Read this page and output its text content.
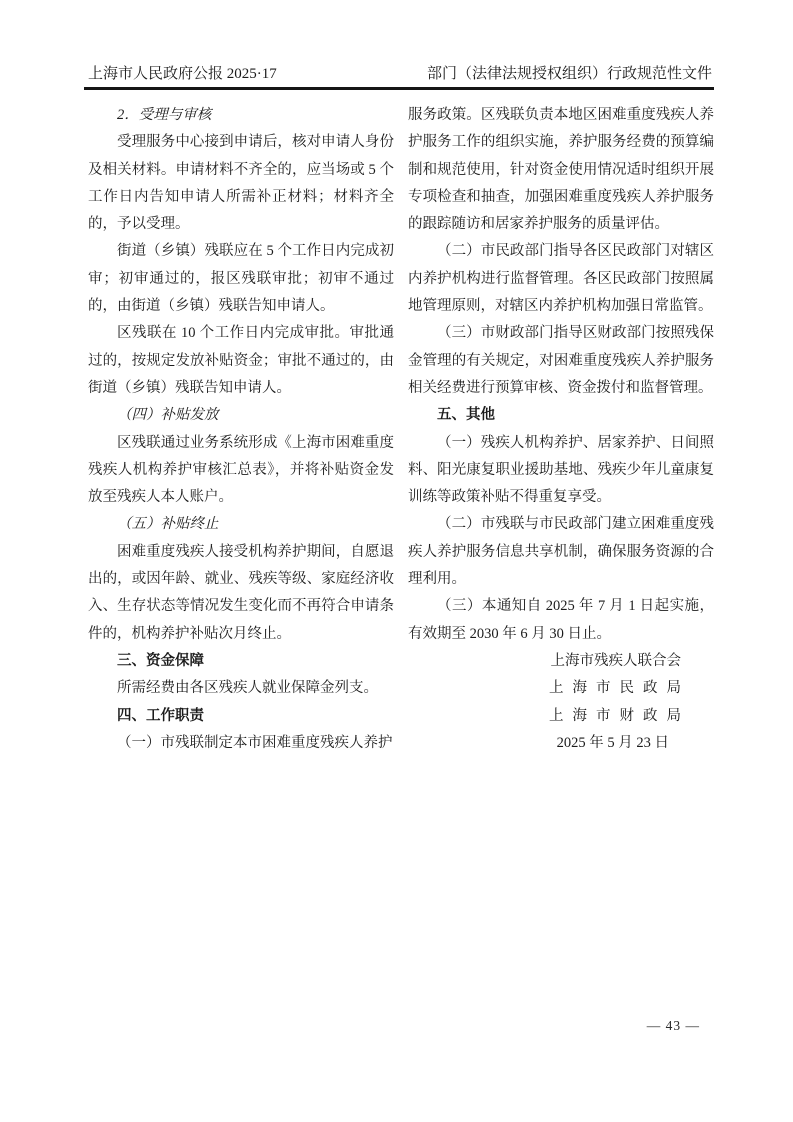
上海市人民政府公报 2025·17	部门（法律法规授权组织）行政规范性文件

2．受理与审核

受理服务中心接到申请后，核对申请人身份及相关材料。申请材料不齐全的，应当场或 5 个工作日内告知申请人所需补正材料；材料齐全的，予以受理。

街道（乡镇）残联应在 5 个工作日内完成初审；初审通过的，报区残联审批；初审不通过的，由街道（乡镇）残联告知申请人。

区残联在 10 个工作日内完成审批。审批通过的，按规定发放补贴资金；审批不通过的，由街道（乡镇）残联告知申请人。

（四）补贴发放

区残联通过业务系统形成《上海市困难重度残疾人机构养护审核汇总表》，并将补贴资金发放至残疾人本人账户。

（五）补贴终止

困难重度残疾人接受机构养护期间，自愿退出的，或因年龄、就业、残疾等级、家庭经济收入、生存状态等情况发生变化而不再符合申请条件的，机构养护补贴次月终止。

三、资金保障

所需经费由各区残疾人就业保障金列支。

四、工作职责

（一）市残联制定本市困难重度残疾人养护

服务政策。区残联负责本地区困难重度残疾人养护服务工作的组织实施，养护服务经费的预算编制和规范使用，针对资金使用情况适时组织开展专项检查和抽查，加强困难重度残疾人养护服务的跟踪随访和居家养护服务的质量评估。

（二）市民政部门指导各区民政部门对辖区内养护机构进行监督管理。各区民政部门按照属地管理原则，对辖区内养护机构加强日常监管。

（三）市财政部门指导区财政部门按照残保金管理的有关规定，对困难重度残疾人养护服务相关经费进行预算审核、资金拨付和监督管理。

五、其他

（一）残疾人机构养护、居家养护、日间照料、阳光康复职业援助基地、残疾少年儿童康复训练等政策补贴不得重复享受。

（二）市残联与市民政部门建立困难重度残疾人养护服务信息共享机制，确保服务资源的合理利用。

（三）本通知自 2025 年 7 月 1 日起实施，有效期至 2030 年 6 月 30 日止。

上海市残疾人联合会

上海市民政局

上海市财政局

2025 年 5 月 23 日

— 43 —
